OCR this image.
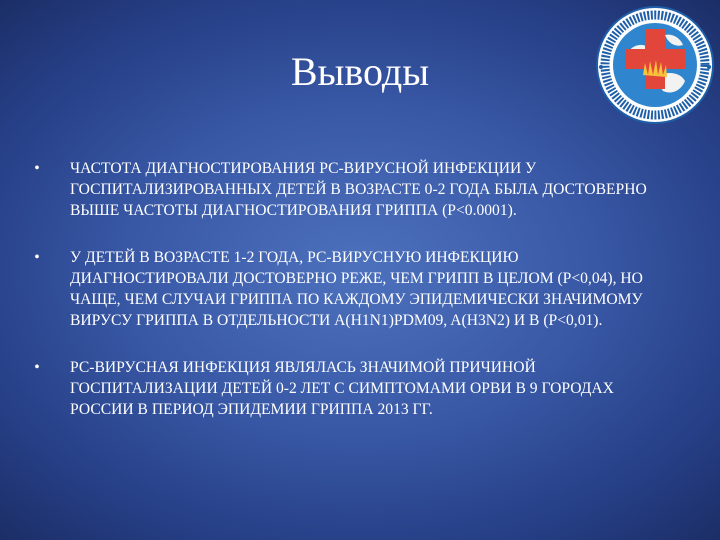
Выводы
• ЧАСТОТА ДИАГНОСТИРОВАНИЯ РС-ВИРУСНОЙ ИНФЕКЦИИ У ГОСПИТАЛИЗИРОВАННЫХ ДЕТЕЙ В ВОЗРАСТЕ 0-2 ГОДА БЫЛА ДОСТОВЕРНО ВЫШЕ ЧАСТОТЫ ДИАГНОСТИРОВАНИЯ ГРИППА (P<0.0001).
• У ДЕТЕЙ В ВОЗРАСТЕ 1-2 ГОДА, РС-ВИРУСНУЮ ИНФЕКЦИЮ ДИАГНОСТИРОВАЛИ ДОСТОВЕРНО РЕЖЕ, ЧЕМ ГРИПП В ЦЕЛОМ (P<0,04), НО ЧАЩЕ, ЧЕМ СЛУЧАИ ГРИППА ПО КАЖДОМУ ЭПИДЕМИЧЕСКИ ЗНАЧИМОМУ ВИРУСУ ГРИППА В ОТДЕЛЬНОСТИ A(H1N1)PDM09, A(H3N2) И B (P<0,01).
• РС-ВИРУСНАЯ ИНФЕКЦИЯ ЯВЛЯЛАСЬ ЗНАЧИМОЙ ПРИЧИНОЙ ГОСПИТАЛИЗАЦИИ ДЕТЕЙ 0-2 ЛЕТ С СИМПТОМАМИ ОРВИ В 9 ГОРОДАХ РОССИИ В ПЕРИОД ЭПИДЕМИИ ГРИППА 2013 ГГ.
